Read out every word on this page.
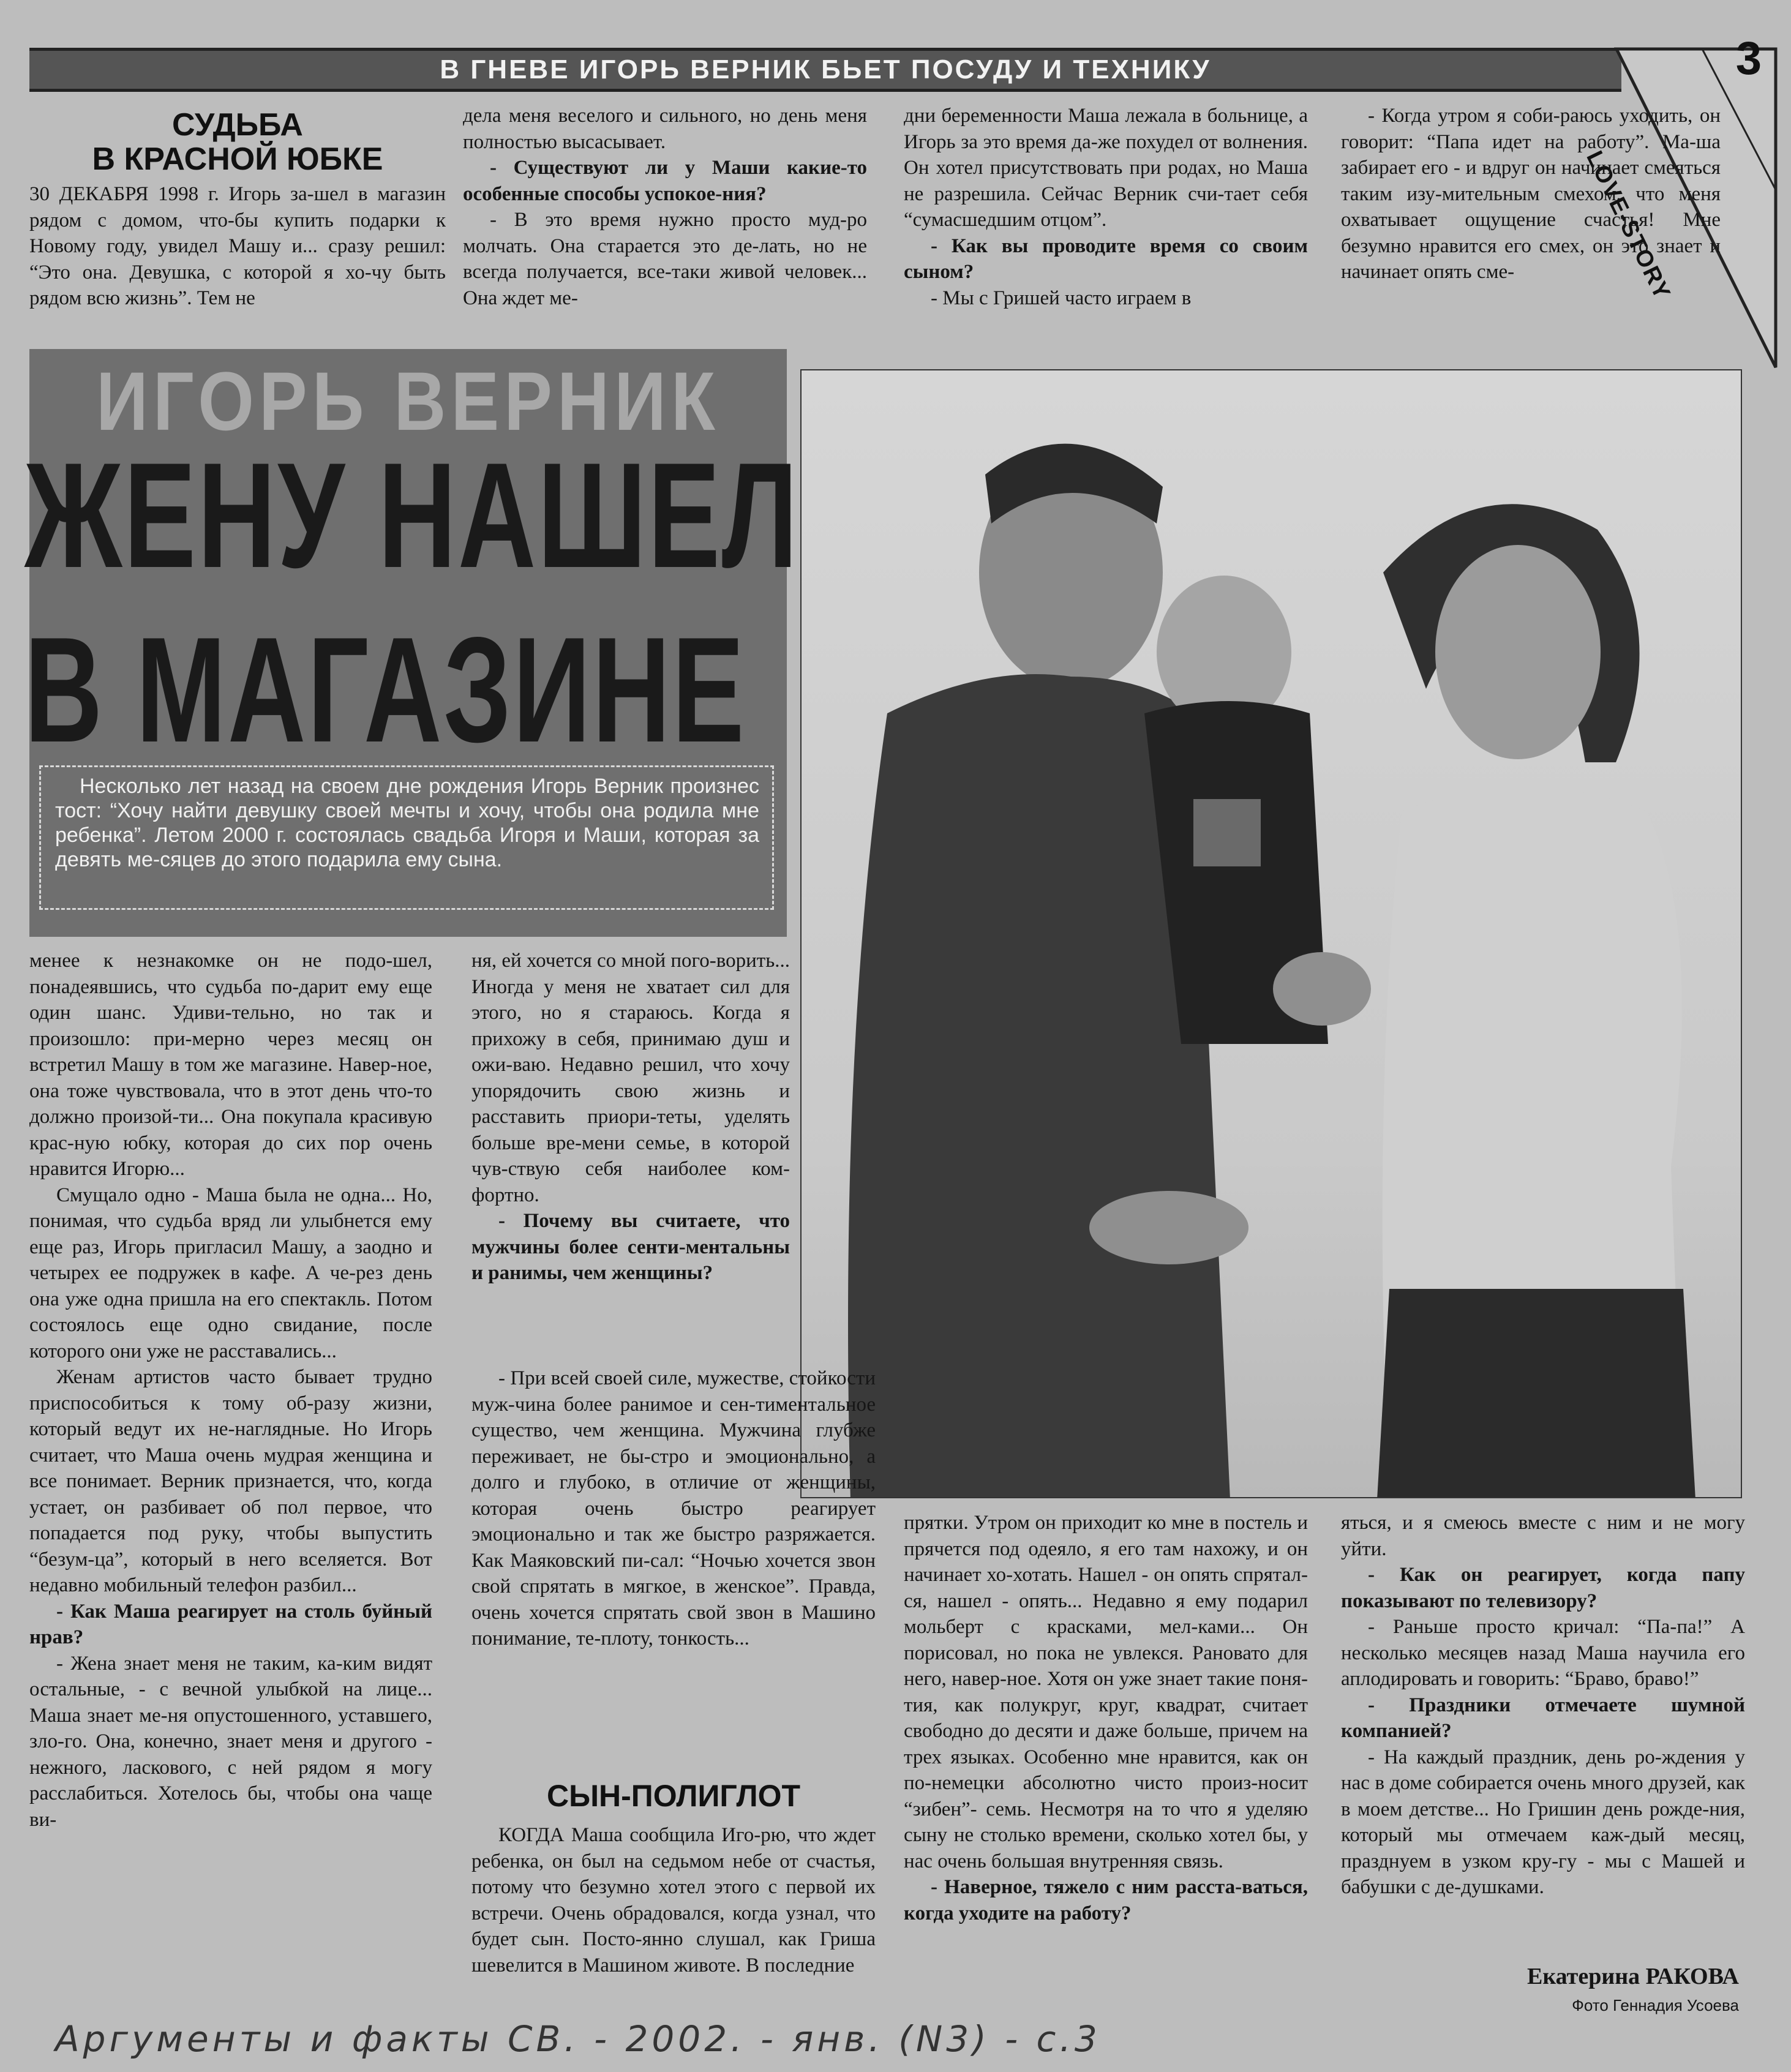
В ГНЕВЕ ИГОРЬ ВЕРНИК БЬЕТ ПОСУДУ И ТЕХНИКУ	3
LOVE-STORY
СУДЬБА
В КРАСНОЙ ЮБКЕ

30 ДЕКАБРЯ 1998 г. Игорь за-шел в магазин рядом с домом, что-бы купить подарки к Новому году, увидел Машу и... сразу решил: “Это она. Девушка, с которой я хо-чу быть рядом всю жизнь”. Тем не

дела меня веселого и сильного, но день меня полностью высасывает.

- Существуют ли у Маши какие-то особенные способы успокое-ния?

- В это время нужно просто муд-ро молчать. Она старается это де-лать, но не всегда получается, все-таки живой человек... Она ждет ме-

дни беременности Маша лежала в больнице, а Игорь за это время да-же похудел от волнения. Он хотел присутствовать при родах, но Маша не разрешила. Сейчас Верник счи-тает себя “сумасшедшим отцом”.

- Как вы проводите время со своим сыном?

- Мы с Гришей часто играем в

- Когда утром я соби-раюсь уходить, он говорит: “Папа идет на работу”. Ма-ша забирает его - и вдруг он начинает смеяться таким изу-мительным смехом, что меня охватывает ощущение счастья! Мне безумно нравится его смех, он это знает и начинает опять сме-

ИГОРЬ ВЕРНИК
ЖЕНУ НАШЕЛ
В МАГАЗИНЕ
Несколько лет назад на своем дне рождения Игорь Верник произнес тост: “Хочу найти девушку своей мечты и хочу, чтобы она родила мне ребенка”. Летом 2000 г. состоялась свадьба Игоря и Маши, которая за девять ме-сяцев до этого подарила ему сына.

менее к незнакомке он не подо-шел, понадеявшись, что судьба по-дарит ему еще один шанс. Удиви-тельно, но так и произошло: при-мерно через месяц он встретил Машу в том же магазине. Навер-ное, она тоже чувствовала, что в этот день что-то должно произой-ти... Она покупала красивую крас-ную юбку, которая до сих пор очень нравится Игорю...

Смущало одно - Маша была не одна... Но, понимая, что судьба вряд ли улыбнется ему еще раз, Игорь пригласил Машу, а заодно и четырех ее подружек в кафе. А че-рез день она уже одна пришла на его спектакль. Потом состоялось еще одно свидание, после которого они уже не расставались...

Женам артистов часто бывает трудно приспособиться к тому об-разу жизни, который ведут их не-наглядные. Но Игорь считает, что Маша очень мудрая женщина и все понимает. Верник признается, что, когда устает, он разбивает об пол первое, что попадается под руку, чтобы выпустить “безум-ца”, который в него вселяется. Вот недавно мобильный телефон разбил...

- Как Маша реагирует на столь буйный нрав?

- Жена знает меня не таким, ка-ким видят остальные, - с вечной улыбкой на лице... Маша знает ме-ня опустошенного, уставшего, зло-го. Она, конечно, знает меня и другого - нежного, ласкового, с ней рядом я могу расслабиться. Хотелось бы, чтобы она чаще ви-

ня, ей хочется со мной пого-ворить... Иногда у меня не хватает сил для этого, но я стараюсь. Когда я прихожу в себя, принимаю душ и ожи-ваю. Недавно решил, что хочу упорядочить свою жизнь и расставить приори-теты, уделять больше вре-мени семье, в которой чув-ствую себя наиболее ком-фортно.

- Почему вы считаете, что мужчины более сенти-ментальны и ранимы, чем женщины?

- При всей своей силе, мужестве, стойкости муж-чина более ранимое и сен-тиментальное существо, чем женщина. Мужчина глубже переживает, не бы-стро и эмоционально, а долго и глубоко, в отличие от женщины, которая очень быстро реагирует эмоционально и так же быстро разряжается. Как Маяковский пи-сал: “Ночью хочется звон свой спрятать в мягкое, в женское”. Правда, очень хочется спрятать свой звон в Машино понимание, те-плоту, тонкость...

СЫН-ПОЛИГЛОТ

КОГДА Маша сообщила Иго-рю, что ждет ребенка, он был на седьмом небе от счастья, потому что безумно хотел этого с первой их встречи. Очень обрадовался, когда узнал, что будет сын. Посто-янно слушал, как Гриша шевелится в Машином животе. В последние

прятки. Утром он приходит ко мне в постель и прячется под одеяло, я его там нахожу, и он начинает хо-хотать. Нашел - он опять спрятал-ся, нашел - опять... Недавно я ему подарил мольберт с красками, мел-ками... Он порисовал, но пока не увлекся. Рановато для него, навер-ное. Хотя он уже знает такие поня-тия, как полукруг, круг, квадрат, считает свободно до десяти и даже больше, причем на трех языках. Особенно мне нравится, как он по-немецки абсолютно чисто произ-носит “зибен”- семь. Несмотря на то что я уделяю сыну не столько времени, сколько хотел бы, у нас очень большая внутренняя связь.

- Наверное, тяжело с ним расста-ваться, когда уходите на работу?

яться, и я смеюсь вместе с ним и не могу уйти.

- Как он реагирует, когда папу показывают по телевизору?

- Раньше просто кричал: “Па-па!” А несколько месяцев назад Маша научила его аплодировать и говорить: “Браво, браво!”

- Праздники отмечаете шумной компанией?

- На каждый праздник, день ро-ждения у нас в доме собирается очень много друзей, как в моем детстве... Но Гришин день рожде-ния, который мы отмечаем каж-дый месяц, празднуем в узком кру-гу - мы с Машей и бабушки с де-душками.

Екатерина РАКОВА
Фото Геннадия Усоева
Аргументы и факты СВ. - 2002. - янв. (N3) - с.3
